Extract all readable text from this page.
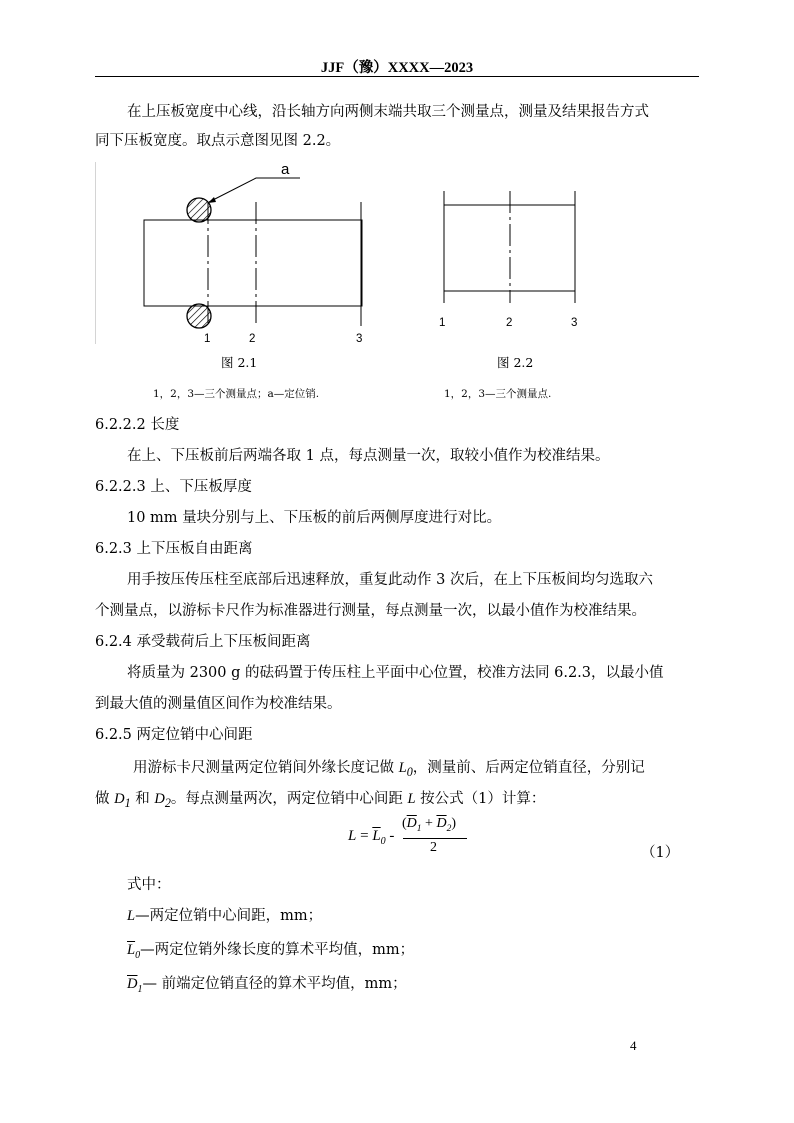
JJF（豫）XXXX—2023
在上压板宽度中心线，沿长轴方向两侧末端共取三个测量点，测量及结果报告方式
同下压板宽度。取点示意图见图 2.2。
a
1	2	3
图 2.1
1，2，3—三个测量点；a—定位销.
1	2	3
图 2.2
1，2，3—三个测量点.
6.2.2.2 长度
在上、下压板前后两端各取 1 点，每点测量一次，取较小值作为校准结果。
6.2.2.3 上、下压板厚度
10 mm 量块分别与上、下压板的前后两侧厚度进行对比。
6.2.3 上下压板自由距离
用手按压传压柱至底部后迅速释放，重复此动作 3 次后，在上下压板间均匀选取六
个测量点，以游标卡尺作为标准器进行测量，每点测量一次，以最小值作为校准结果。
6.2.4 承受载荷后上下压板间距离
将质量为 2300 g 的砝码置于传压柱上平面中心位置，校准方法同 6.2.3，以最小值
到最大值的测量值区间作为校准结果。
6.2.5 两定位销中心间距
用游标卡尺测量两定位销间外缘长度记做 $L_0$，测量前、后两定位销直径，分别记
做 $D_1$ 和 $D_2$。每点测量两次，两定位销中心间距 L 按公式（1）计算：
$L = \overline{L}_0$ -
$(\overline{D}_1 + \overline{D}_2)$
2	（1）
式中：
L—两定位销中心间距，mm；
$\overline{L}_0—$两定位销外缘长度的算术平均值，mm；
$\overline{D}_1—$ 前端定位销直径的算术平均值，mm；
4
